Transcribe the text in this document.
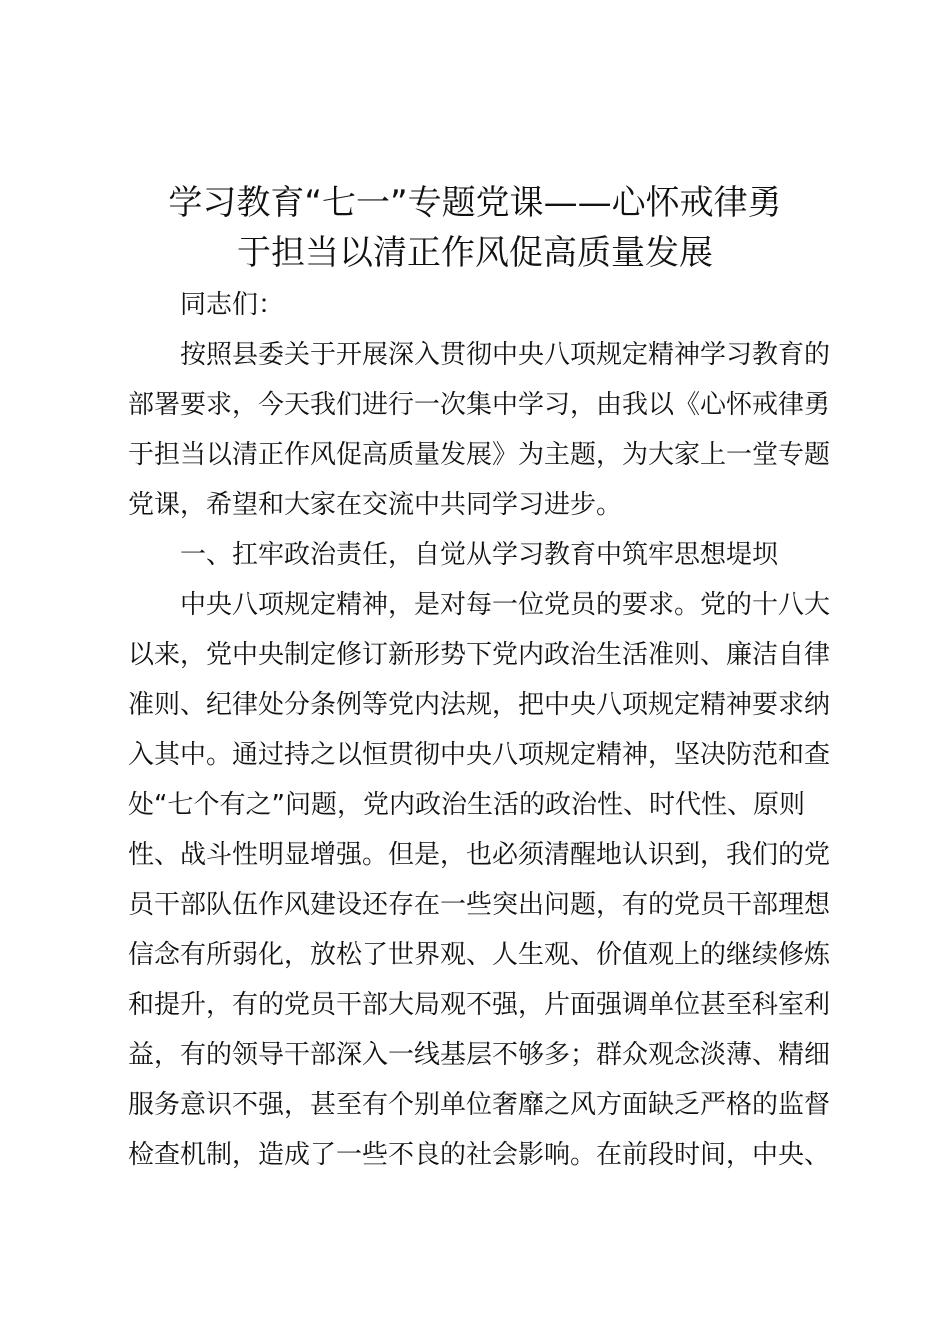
学习教育“七一”专题党课——心怀戒律勇
于担当以清正作风促高质量发展

同志们：

按照县委关于开展深入贯彻中央八项规定精神学习教育的
部署要求，今天我们进行一次集中学习，由我以《心怀戒律勇
于担当以清正作风促高质量发展》为主题，为大家上一堂专题
党课，希望和大家在交流中共同学习进步。

一、扛牢政治责任，自觉从学习教育中筑牢思想堤坝

中央八项规定精神，是对每一位党员的要求。党的十八大
以来，党中央制定修订新形势下党内政治生活准则、廉洁自律
准则、纪律处分条例等党内法规，把中央八项规定精神要求纳
入其中。通过持之以恒贯彻中央八项规定精神，坚决防范和查
处“七个有之”问题，党内政治生活的政治性、时代性、原则
性、战斗性明显增强。但是，也必须清醒地认识到，我们的党
员干部队伍作风建设还存在一些突出问题，有的党员干部理想
信念有所弱化，放松了世界观、人生观、价值观上的继续修炼
和提升，有的党员干部大局观不强，片面强调单位甚至科室利
益，有的领导干部深入一线基层不够多；群众观念淡薄、精细
服务意识不强，甚至有个别单位奢靡之风方面缺乏严格的监督
检查机制，造成了一些不良的社会影响。在前段时间，中央、
